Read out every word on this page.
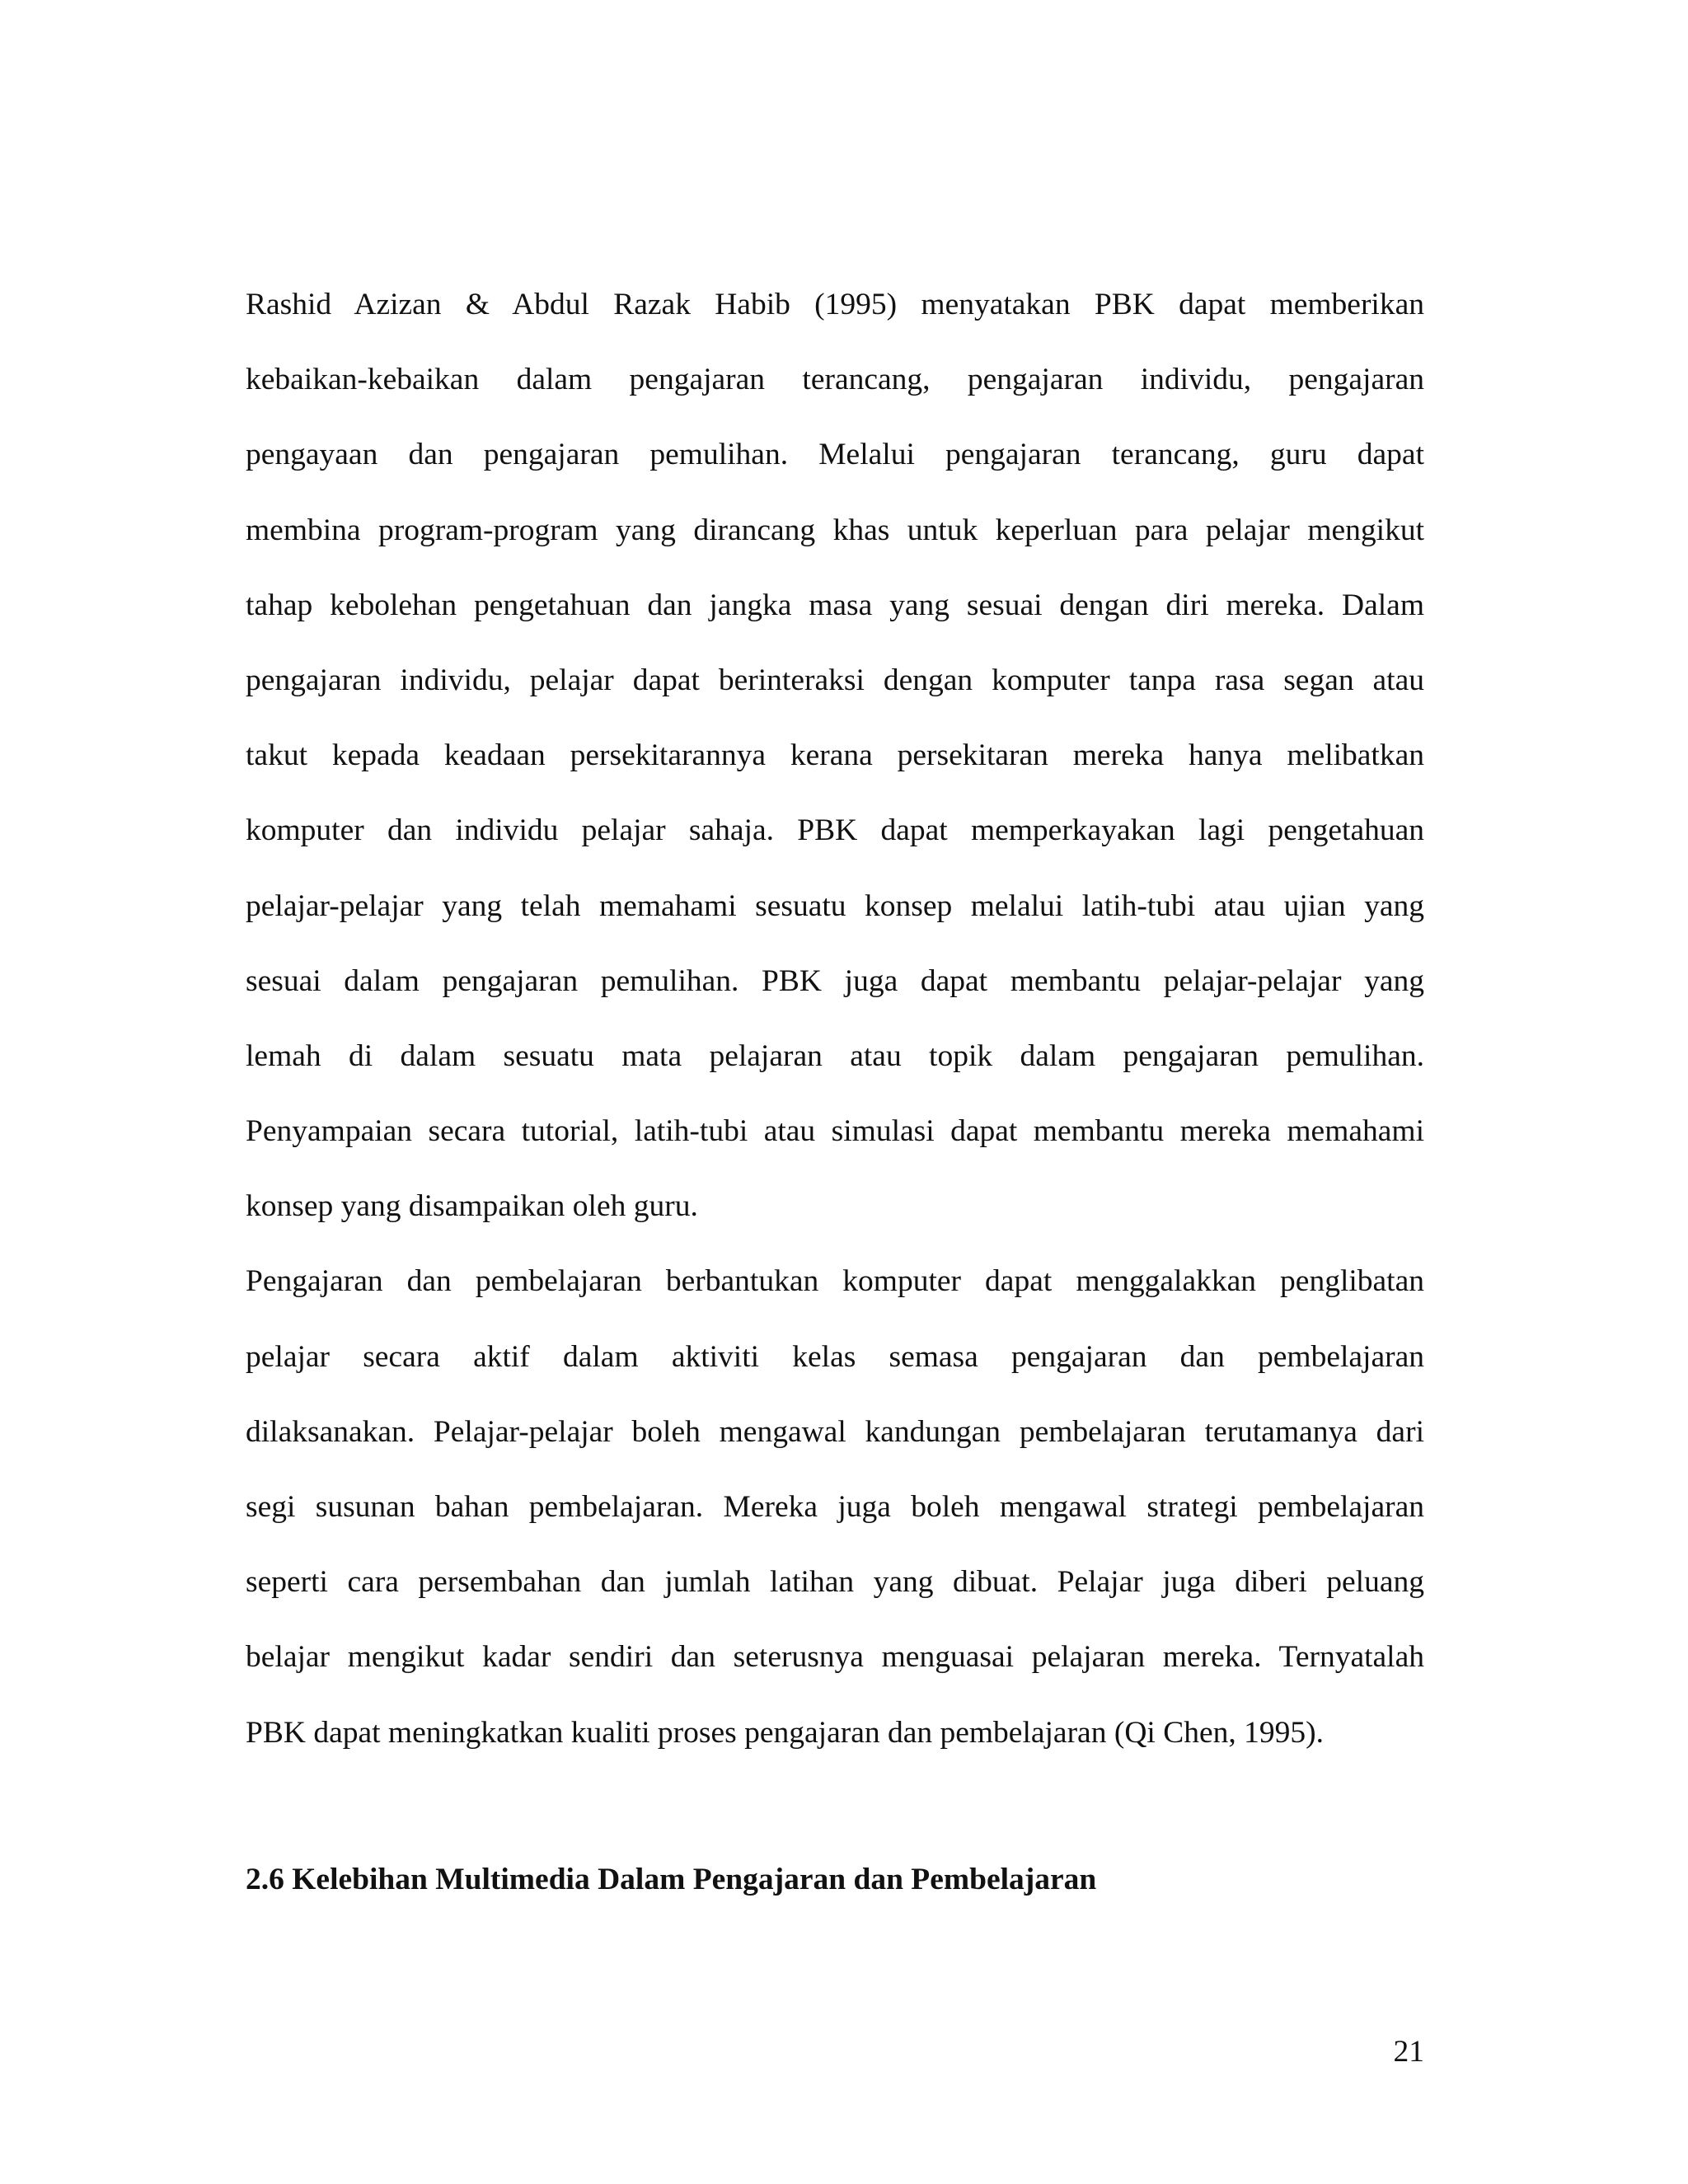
Rashid Azizan & Abdul Razak Habib (1995) menyatakan PBK dapat memberikan
kebaikan-kebaikan dalam pengajaran terancang, pengajaran individu, pengajaran
pengayaan dan pengajaran pemulihan. Melalui pengajaran terancang, guru dapat
membina program-program yang dirancang khas untuk keperluan para pelajar mengikut
tahap kebolehan pengetahuan dan jangka masa yang sesuai dengan diri mereka. Dalam
pengajaran individu, pelajar dapat berinteraksi dengan komputer tanpa rasa segan atau
takut kepada keadaan persekitarannya kerana persekitaran mereka hanya melibatkan
komputer dan individu pelajar sahaja. PBK dapat memperkayakan lagi pengetahuan
pelajar-pelajar yang telah memahami sesuatu konsep melalui latih-tubi atau ujian yang
sesuai dalam pengajaran pemulihan. PBK juga dapat membantu pelajar-pelajar yang
lemah di dalam sesuatu mata pelajaran atau topik dalam pengajaran pemulihan.
Penyampaian secara tutorial, latih-tubi atau simulasi dapat membantu mereka memahami
konsep yang disampaikan oleh guru.
Pengajaran dan pembelajaran berbantukan komputer dapat menggalakkan penglibatan
pelajar secara aktif dalam aktiviti kelas semasa pengajaran dan pembelajaran
dilaksanakan. Pelajar-pelajar boleh mengawal kandungan pembelajaran terutamanya dari
segi susunan bahan pembelajaran. Mereka juga boleh mengawal strategi pembelajaran
seperti cara persembahan dan jumlah latihan yang dibuat. Pelajar juga diberi peluang
belajar mengikut kadar sendiri dan seterusnya menguasai pelajaran mereka. Ternyatalah
PBK dapat meningkatkan kualiti proses pengajaran dan pembelajaran (Qi Chen, 1995).
2.6 Kelebihan Multimedia Dalam Pengajaran dan Pembelajaran
21
